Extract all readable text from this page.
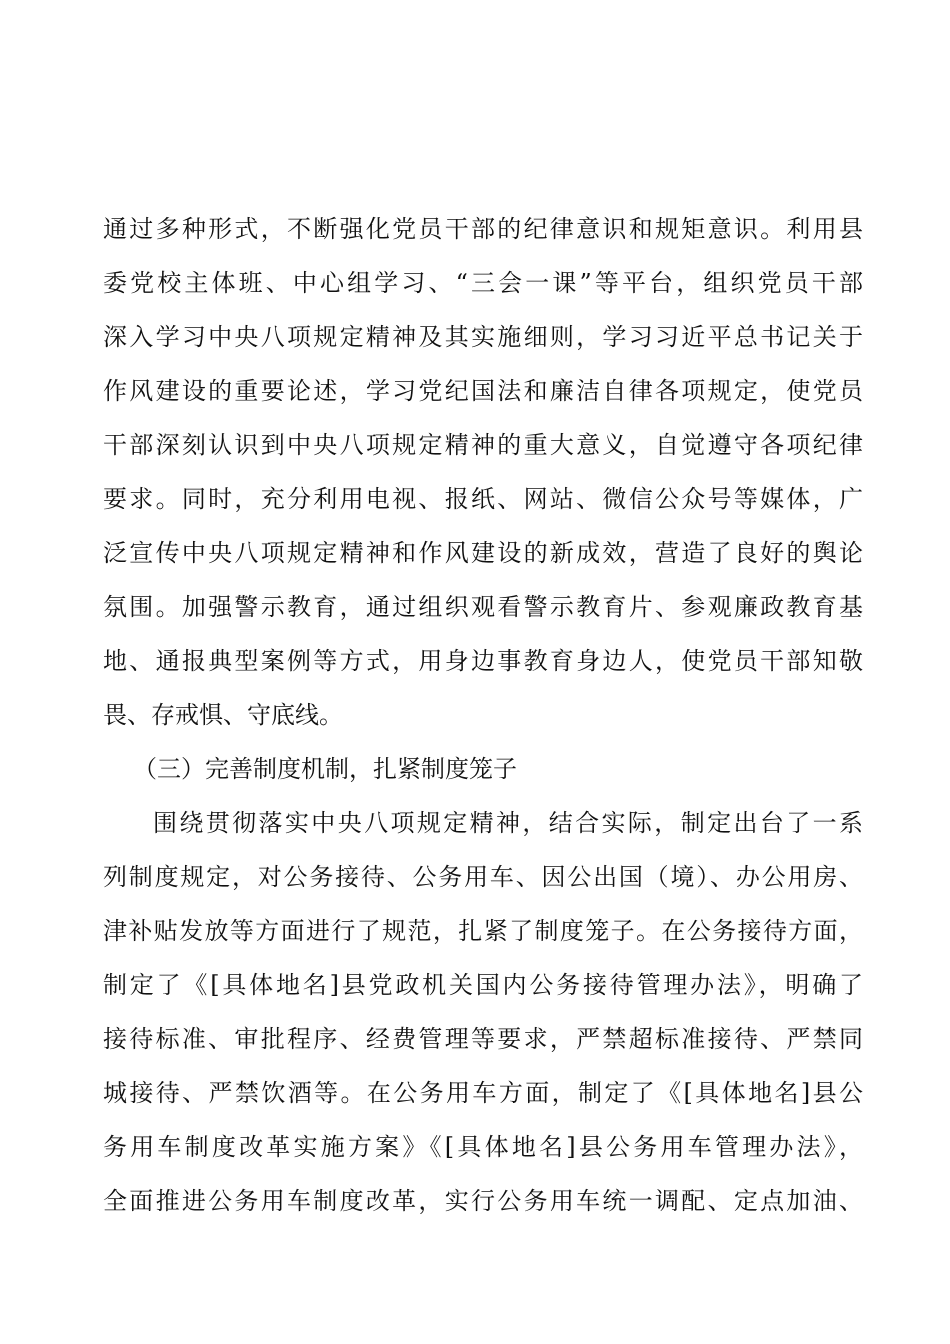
通过多种形式，不断强化党员干部的纪律意识和规矩意识。利用县
委党校主体班、中心组学习、“三会一课”等平台，组织党员干部
深入学习中央八项规定精神及其实施细则，学习习近平总书记关于
作风建设的重要论述，学习党纪国法和廉洁自律各项规定，使党员
干部深刻认识到中央八项规定精神的重大意义，自觉遵守各项纪律
要求。同时，充分利用电视、报纸、网站、微信公众号等媒体，广
泛宣传中央八项规定精神和作风建设的新成效，营造了良好的舆论
氛围。加强警示教育，通过组织观看警示教育片、参观廉政教育基
地、通报典型案例等方式，用身边事教育身边人，使党员干部知敬
畏、存戒惧、守底线。
（三）完善制度机制，扎紧制度笼子
围绕贯彻落实中央八项规定精神，结合实际，制定出台了一系
列制度规定，对公务接待、公务用车、因公出国（境）、办公用房、
津补贴发放等方面进行了规范，扎紧了制度笼子。在公务接待方面，
制定了《[具体地名]县党政机关国内公务接待管理办法》，明确了
接待标准、审批程序、经费管理等要求，严禁超标准接待、严禁同
城接待、严禁饮酒等。在公务用车方面，制定了《[具体地名]县公
务用车制度改革实施方案》《[具体地名]县公务用车管理办法》，
全面推进公务用车制度改革，实行公务用车统一调配、定点加油、
